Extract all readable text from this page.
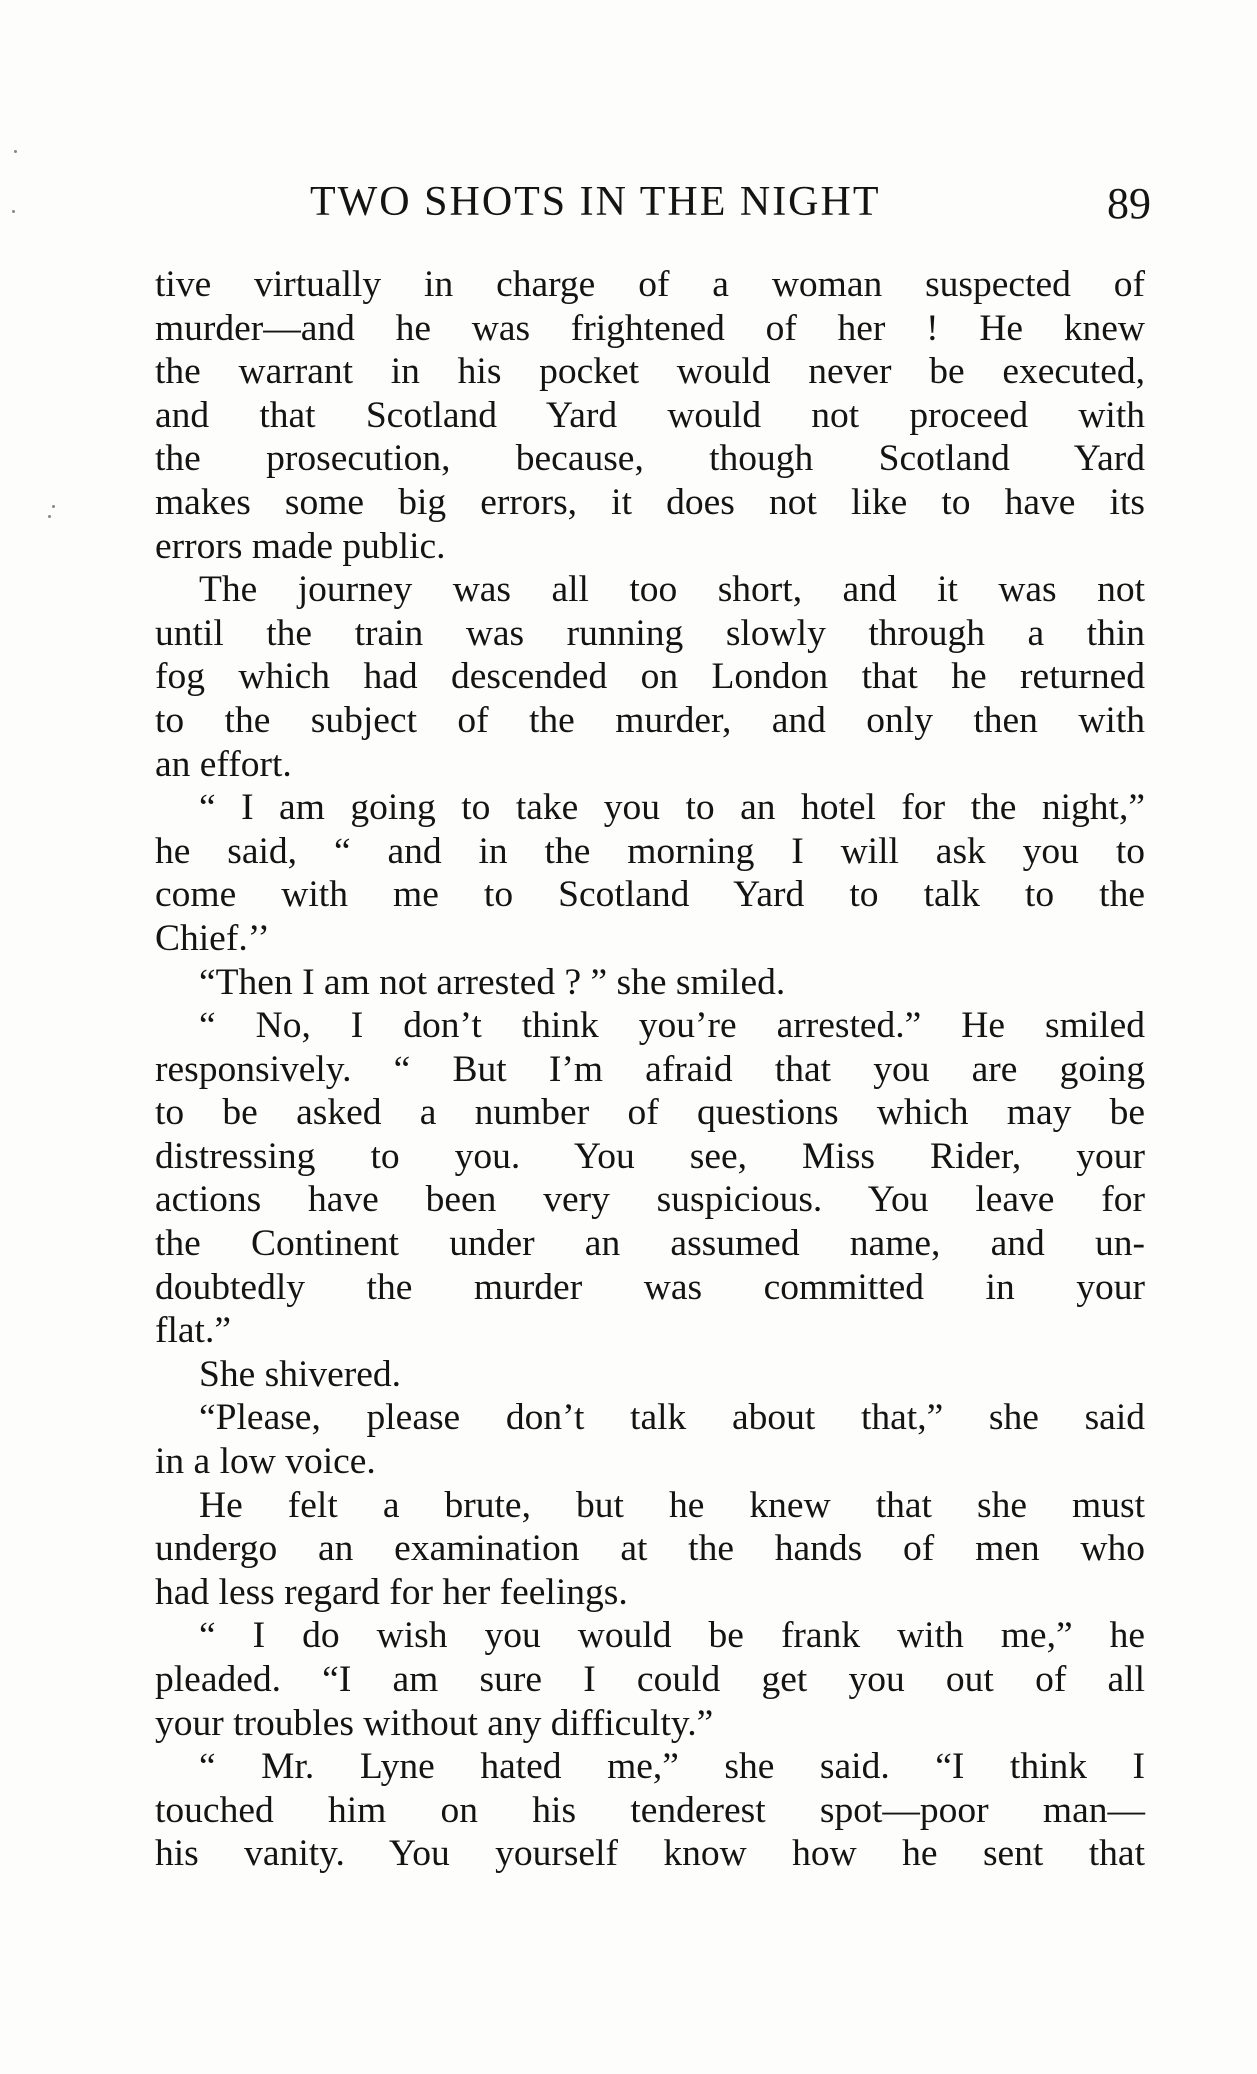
TWO SHOTS IN THE NIGHT	89
tive virtually in charge of a woman suspected of
murder—and he was frightened of her ! He knew
the warrant in his pocket would never be executed,
and that Scotland Yard would not proceed with
the prosecution, because, though Scotland Yard
makes some big errors, it does not like to have its
errors made public.
The journey was all too short, and it was not
until the train was running slowly through a thin
fog which had descended on London that he returned
to the subject of the murder, and only then with
an effort.
“ I am going to take you to an hotel for the night,”
he said, “ and in the morning I will ask you to
come with me to Scotland Yard to talk to the
Chief.’’
“Then I am not arrested ? ” she smiled.
“ No, I don’t think you’re arrested.” He smiled
responsively. “ But I’m afraid that you are going
to be asked a number of questions which may be
distressing to you. You see, Miss Rider, your
actions have been very suspicious. You leave for
the Continent under an assumed name, and un-
doubtedly the murder was committed in your
flat.”
She shivered.
“Please, please don’t talk about that,” she said
in a low voice.
He felt a brute, but he knew that she must
undergo an examination at the hands of men who
had less regard for her feelings.
“ I do wish you would be frank with me,” he
pleaded. “I am sure I could get you out of all
your troubles without any difficulty.”
“ Mr. Lyne hated me,” she said. “I think I
touched him on his tenderest spot—poor man—
his vanity. You yourself know how he sent that
